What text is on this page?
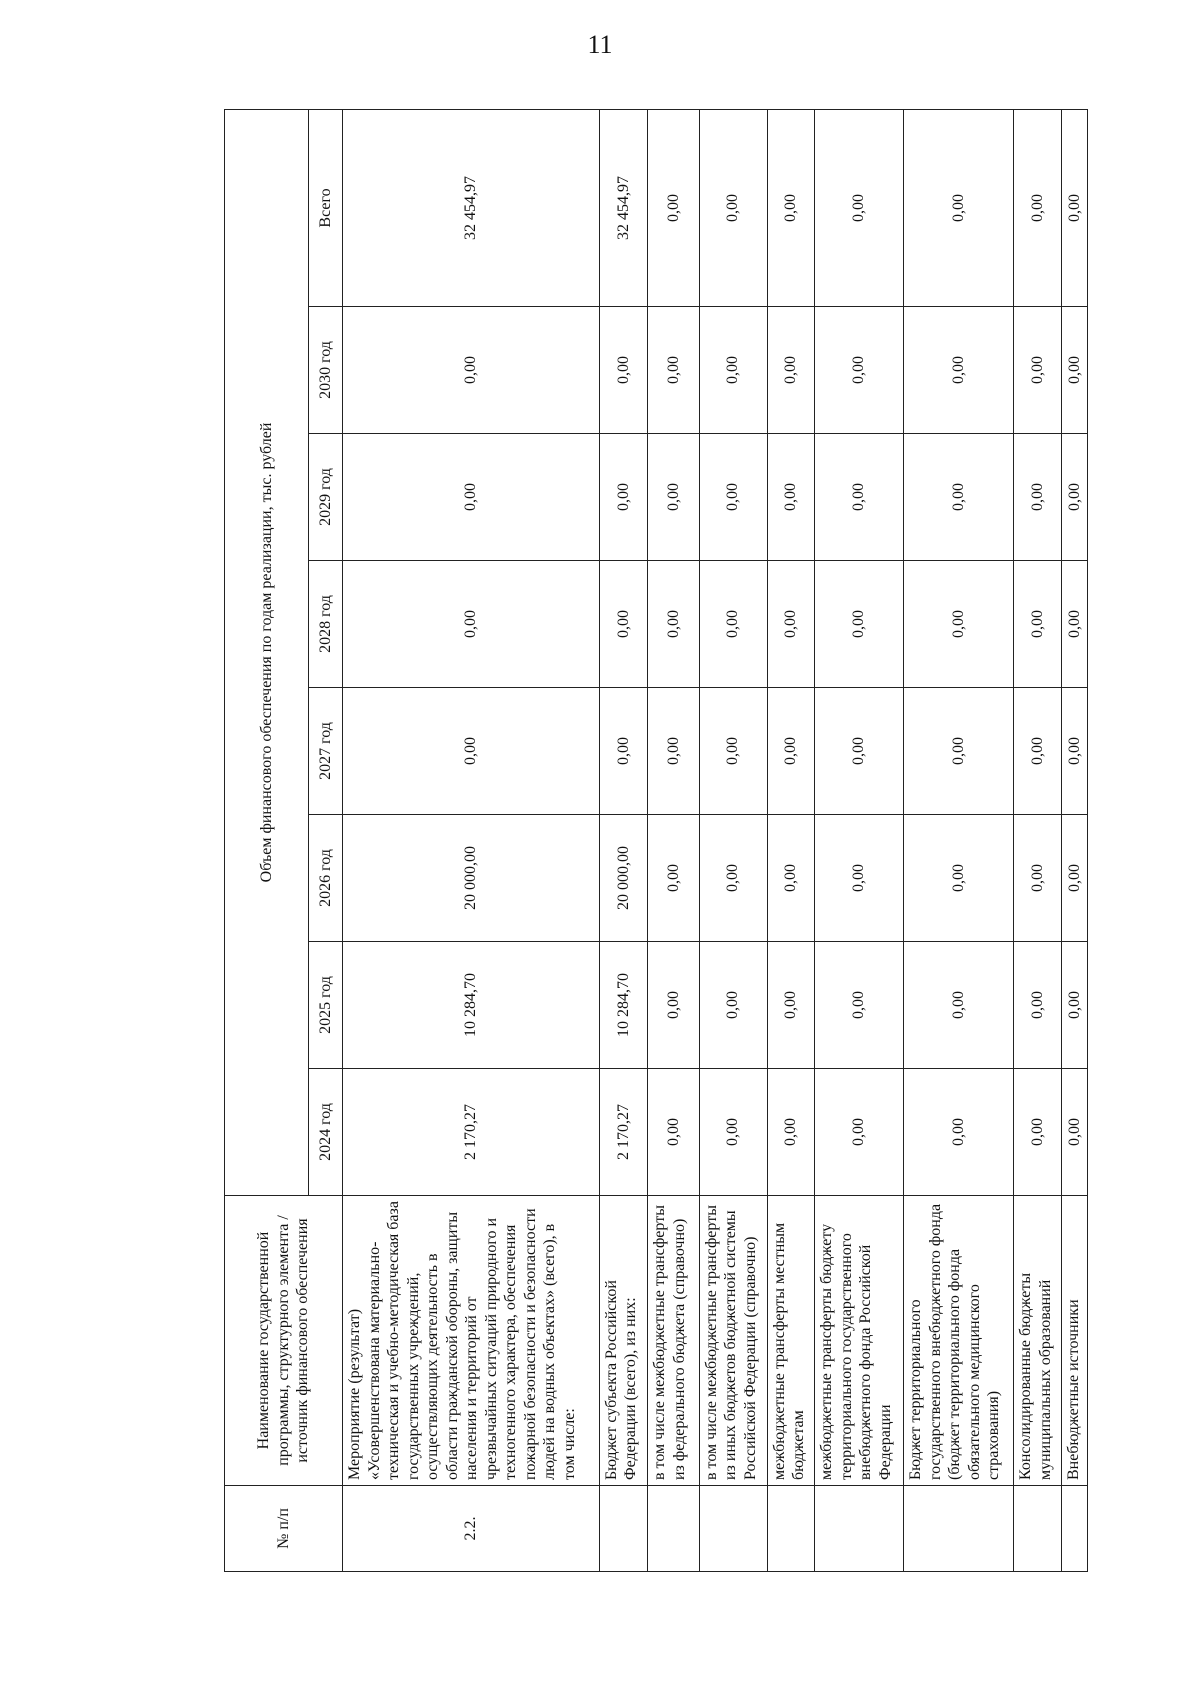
11
№ п/п	Наименование государственной программы, структурного элемента / источник финансового обеспечения	Объем финансового обеспечения по годам реализации, тыс. рублей							
		2024 год	2025 год	2026 год	2027 год	2028 год	2029 год	2030 год	Всего
2.2.	Мероприятие (результат) «Усовершенствована материально-техническая и учебно-методическая база государственных учреждений, осуществляющих деятельность в области гражданской обороны, защиты населения и территорий от чрезвычайных ситуаций природного и техногенного характера, обеспечения пожарной безопасности и безопасности людей на водных объектах» (всего), в том числе:	2 170,27	10 284,70	20 000,00	0,00	0,00	0,00	0,00	32 454,97
	Бюджет субъекта Российской Федерации (всего), из них:	2 170,27	10 284,70	20 000,00	0,00	0,00	0,00	0,00	32 454,97
	в том числе межбюджетные трансферты из федерального бюджета (справочно)	0,00	0,00	0,00	0,00	0,00	0,00	0,00	0,00
	в том числе межбюджетные трансферты из иных бюджетов бюджетной системы Российской Федерации (справочно)	0,00	0,00	0,00	0,00	0,00	0,00	0,00	0,00
	межбюджетные трансферты местным бюджетам	0,00	0,00	0,00	0,00	0,00	0,00	0,00	0,00
	межбюджетные трансферты бюджету территориального государственного внебюджетного фонда Российской Федерации	0,00	0,00	0,00	0,00	0,00	0,00	0,00	0,00
	Бюджет территориального государственного внебюджетного фонда (бюджет территориального фонда обязательного медицинского страхования)	0,00	0,00	0,00	0,00	0,00	0,00	0,00	0,00
	Консолидированные бюджеты муниципальных образований	0,00	0,00	0,00	0,00	0,00	0,00	0,00	0,00
	Внебюджетные источники	0,00	0,00	0,00	0,00	0,00	0,00	0,00	0,00
